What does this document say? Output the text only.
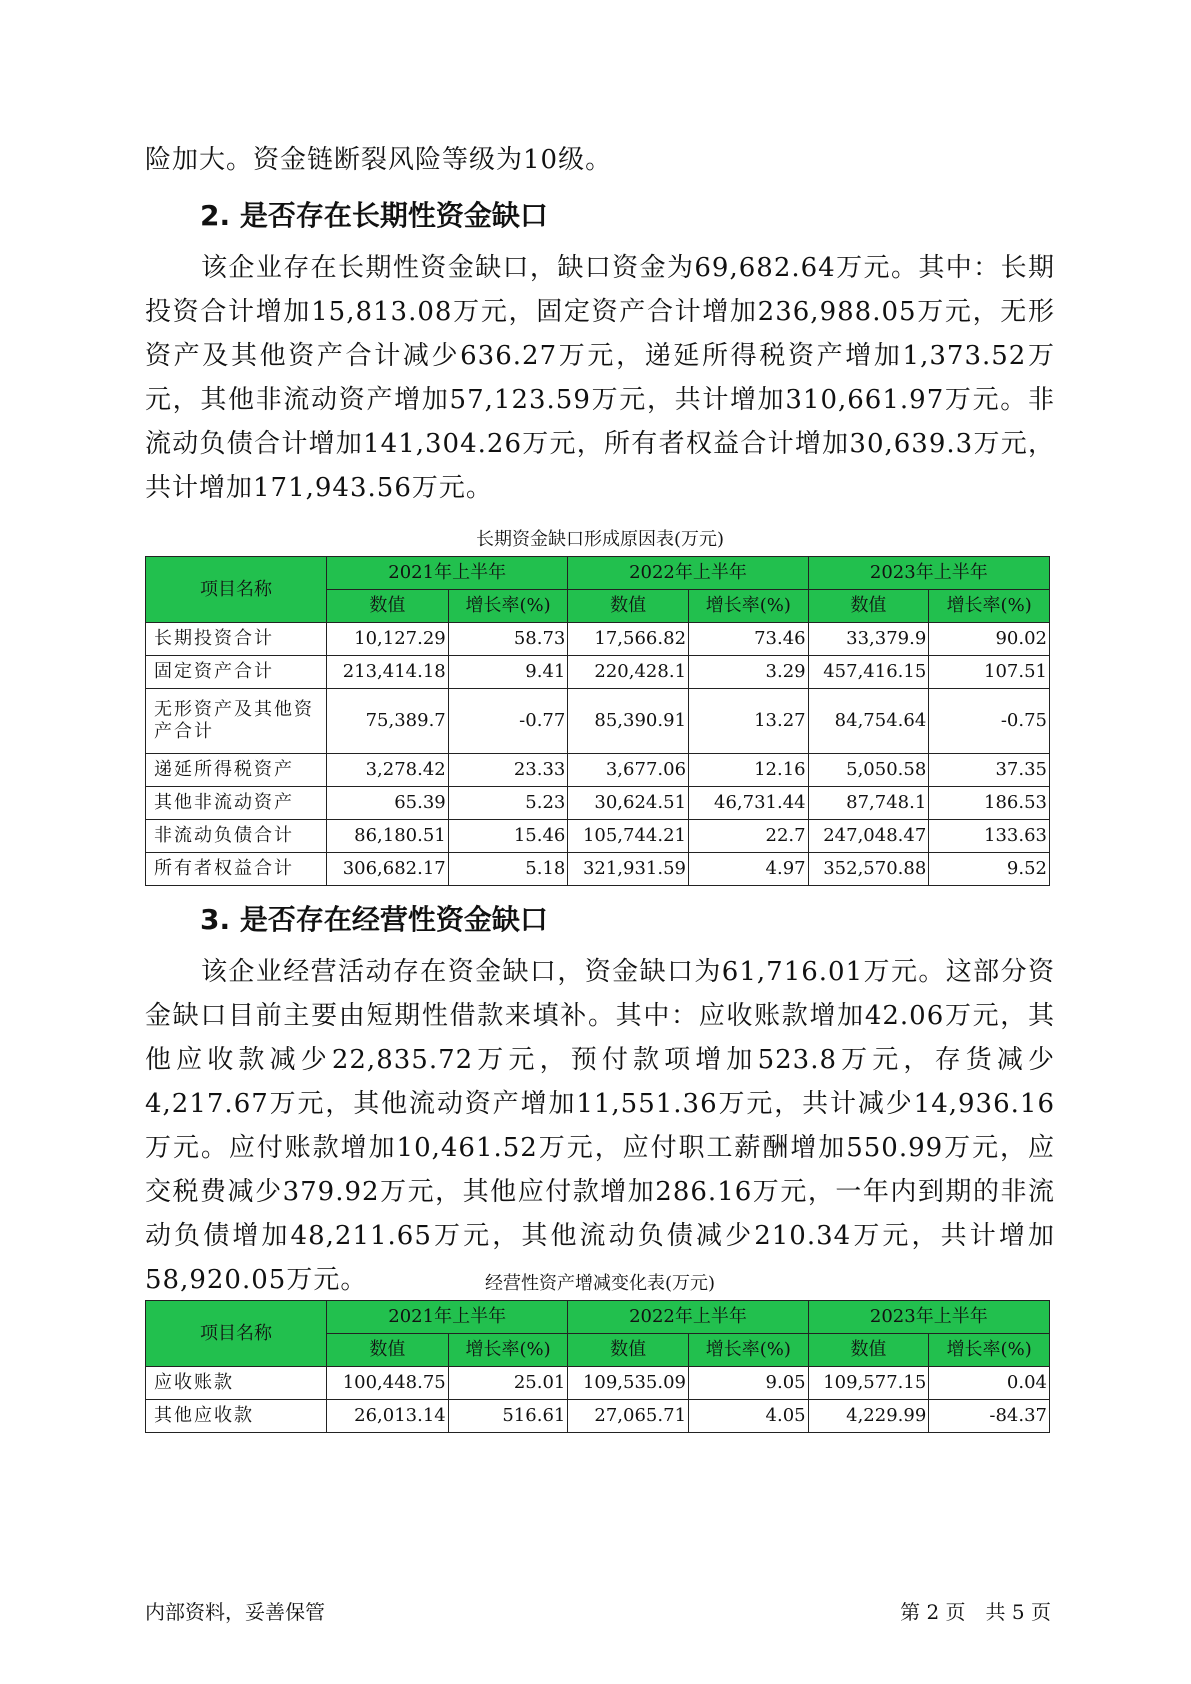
险加大。资金链断裂风险等级为10级。

2. 是否存在长期性资金缺口

该企业存在长期性资金缺口，缺口资金为69,682.64万元。其中：长期投资合计增加15,813.08万元，固定资产合计增加236,988.05万元，无形资产及其他资产合计减少636.27万元，递延所得税资产增加1,373.52万元，其他非流动资产增加57,123.59万元，共计增加310,661.97万元。非流动负债合计增加141,304.26万元，所有者权益合计增加30,639.3万元，共计增加171,943.56万元。

长期资金缺口形成原因表(万元)
项目名称	2021年上半年		2022年上半年		2023年上半年	
	数值	增长率(%)	数值	增长率(%)	数值	增长率(%)
长期投资合计	10,127.29	58.73	17,566.82	73.46	33,379.9	90.02
固定资产合计	213,414.18	9.41	220,428.1	3.29	457,416.15	107.51
无形资产及其他资产合计	75,389.7	-0.77	85,390.91	13.27	84,754.64	-0.75
递延所得税资产	3,278.42	23.33	3,677.06	12.16	5,050.58	37.35
其他非流动资产	65.39	5.23	30,624.51	46,731.44	87,748.1	186.53
非流动负债合计	86,180.51	15.46	105,744.21	22.7	247,048.47	133.63
所有者权益合计	306,682.17	5.18	321,931.59	4.97	352,570.88	9.52
3. 是否存在经营性资金缺口

该企业经营活动存在资金缺口，资金缺口为61,716.01万元。这部分资金缺口目前主要由短期性借款来填补。其中：应收账款增加42.06万元，其他应收款减少22,835.72万元，预付款项增加523.8万元，存货减少4,217.67万元，其他流动资产增加11,551.36万元，共计减少14,936.16万元。应付账款增加10,461.52万元，应付职工薪酬增加550.99万元，应交税费减少379.92万元，其他应付款增加286.16万元，一年内到期的非流动负债增加48,211.65万元，其他流动负债减少210.34万元，共计增加58,920.05万元。	经营性资产增减变化表(万元)
项目名称	2021年上半年		2022年上半年		2023年上半年	
	数值	增长率(%)	数值	增长率(%)	数值	增长率(%)
应收账款	100,448.75	25.01	109,535.09	9.05	109,577.15	0.04
其他应收款	26,013.14	516.61	27,065.71	4.05	4,229.99	-84.37
内部资料，妥善保管	第 2 页　共 5 页
